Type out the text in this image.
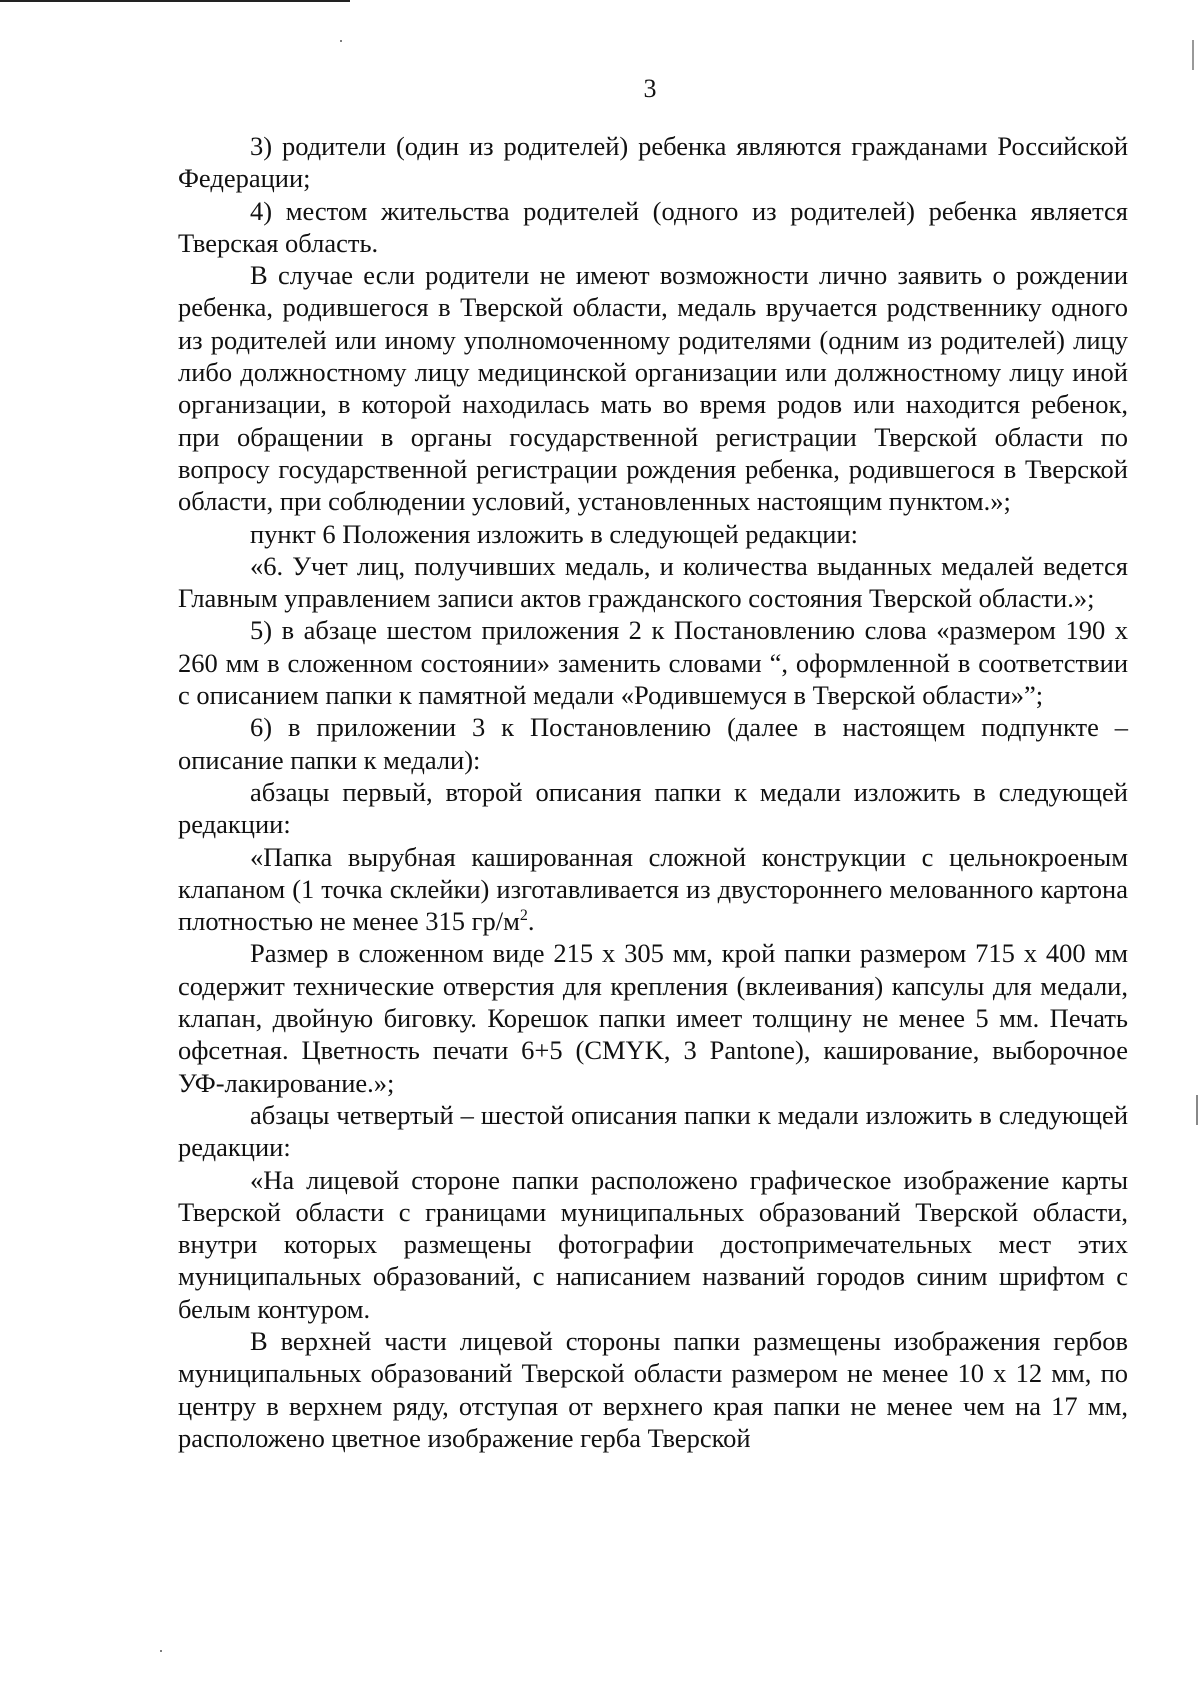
3

3) родители (один из родителей) ребенка являются гражданами Российской Федерации;

4) местом жительства родителей (одного из родителей) ребенка является Тверская область.

В случае если родители не имеют возможности лично заявить о рождении ребенка, родившегося в Тверской области, медаль вручается родственнику одного из родителей или иному уполномоченному родителями (одним из родителей) лицу либо должностному лицу медицинской организации или должностному лицу иной организации, в которой находилась мать во время родов или находится ребенок, при обращении в органы государственной регистрации Тверской области по вопросу государственной регистрации рождения ребенка, родившегося в Тверской области, при соблюдении условий, установленных настоящим пунктом.»;

пункт 6 Положения изложить в следующей редакции:

«6. Учет лиц, получивших медаль, и количества выданных медалей ведется Главным управлением записи актов гражданского состояния Тверской области.»;

5) в абзаце шестом приложения 2 к Постановлению слова «размером 190 х 260 мм в сложенном состоянии» заменить словами “, оформленной в соответствии с описанием папки к памятной медали «Родившемуся в Тверской области»”;

6) в приложении 3 к Постановлению (далее в настоящем подпункте – описание папки к медали):

абзацы первый, второй описания папки к медали изложить в следующей редакции:

«Папка вырубная кашированная сложной конструкции с цельнокроеным клапаном (1 точка склейки) изготавливается из двустороннего мелованного картона плотностью не менее 315 $гр/м^2$.

Размер в сложенном виде 215 х 305 мм, крой папки размером 715 х 400 мм содержит технические отверстия для крепления (вклеивания) капсулы для медали, клапан, двойную биговку. Корешок папки имеет толщину не менее 5 мм. Печать офсетная. Цветность печати 6+5 (CMYK, 3 Pantone), каширование, выборочное УФ-лакирование.»;

абзацы четвертый – шестой описания папки к медали изложить в следующей редакции:

«На лицевой стороне папки расположено графическое изображение карты Тверской области с границами муниципальных образований Тверской области, внутри которых размещены фотографии достопримечательных мест этих муниципальных образований, с написанием названий городов синим шрифтом с белым контуром.

В верхней части лицевой стороны папки размещены изображения гербов муниципальных образований Тверской области размером не менее 10 х 12 мм, по центру в верхнем ряду, отступая от верхнего края папки не менее чем на 17 мм, расположено цветное изображение герба Тверской
